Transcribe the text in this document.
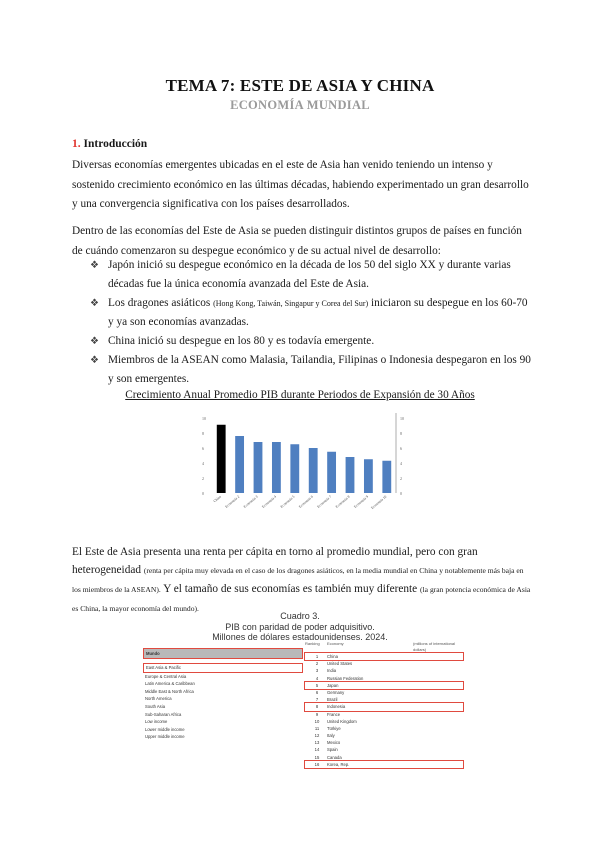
TEMA 7: ESTE DE ASIA Y CHINA
ECONOMÍA MUNDIAL
1. Introducción
Diversas economías emergentes ubicadas en el este de Asia han venido teniendo un intenso y sostenido crecimiento económico en las últimas décadas, habiendo experimentado un gran desarrollo y una convergencia significativa con los países desarrollados.
Dentro de las economías del Este de Asia se pueden distinguir distintos grupos de países en función de cuándo comenzaron su despegue económico y de su actual nivel de desarrollo:
❖ Japón inició su despegue económico en la década de los 50 del siglo XX y durante varias décadas fue la única economía avanzada del Este de Asia.
❖ Los dragones asiáticos (Hong Kong, Taiwán, Singapur y Corea del Sur) iniciaron su despegue en los 60-70 y ya son economías avanzadas.
❖ China inició su despegue en los 80 y es todavía emergente.
❖ Miembros de la ASEAN como Malasia, Tailandia, Filipinas o Indonesia despegaron en los 90 y son emergentes.
Crecimiento Anual Promedio PIB durante Periodos de Expansión de 30 Años
0	0
2	2
4	4
6	6
8	8
10	10
China Economía 2 Economía 3 Economía 4 Economía 5 Economía 6 Economía 7 Economía 8 Economía 9 Economía 10
El Este de Asia presenta una renta per cápita en torno al promedio mundial, pero con gran heterogeneidad (renta per cápita muy elevada en el caso de los dragones asiáticos, en la media mundial en China y notablemente más baja en los miembros de la ASEAN). Y el tamaño de sus economías es también muy diferente (la gran potencia económica de Asia es China, la mayor economía del mundo).
Cuadro 3.
PIB con paridad de poder adquisitivo.
Millones de dólares estadounidenses. 2024.
Mundo
East Asia & Pacific
Europe & Central Asia
Latin America & Caribbean
Middle East & North Africa
North America
South Asia
Sub-Saharan Africa
Low income
Lower middle income
Upper middle income
Ranking	Economy	(millions of international dollars)
1	China
2	United States
3	India
4	Russian Federation
5	Japan
6	Germany
7	Brazil
8	Indonesia
9	France
10	United Kingdom
11	Türkiye
12	Italy
13	Mexico
14	Spain
15	Canada
16	Korea, Rep.
